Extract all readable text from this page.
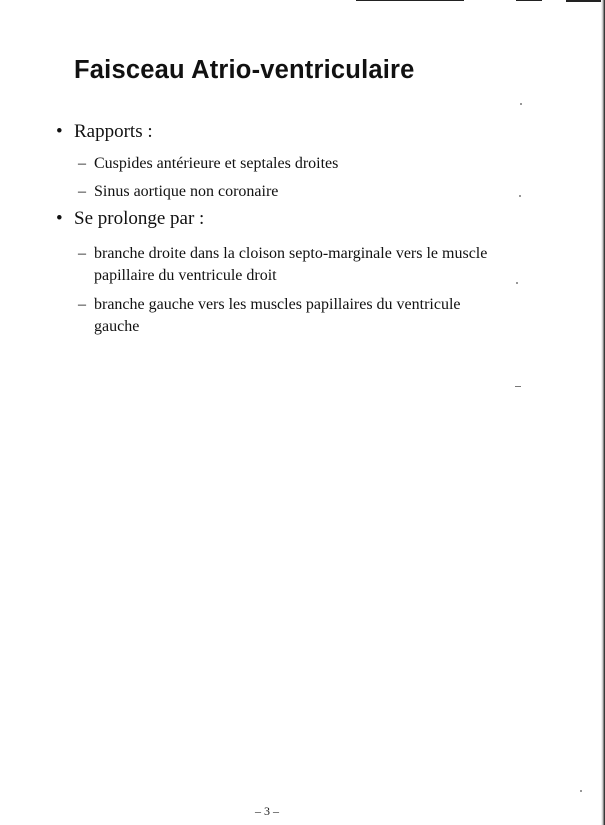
Faisceau Atrio-ventriculaire
• Rapports :
– Cuspides antérieure et septales droites
– Sinus aortique non coronaire
• Se prolonge par :
– branche droite dans la cloison septo-marginale vers le muscle papillaire du ventricule droit
– branche gauche vers les muscles papillaires du ventricule gauche
– 3 –
